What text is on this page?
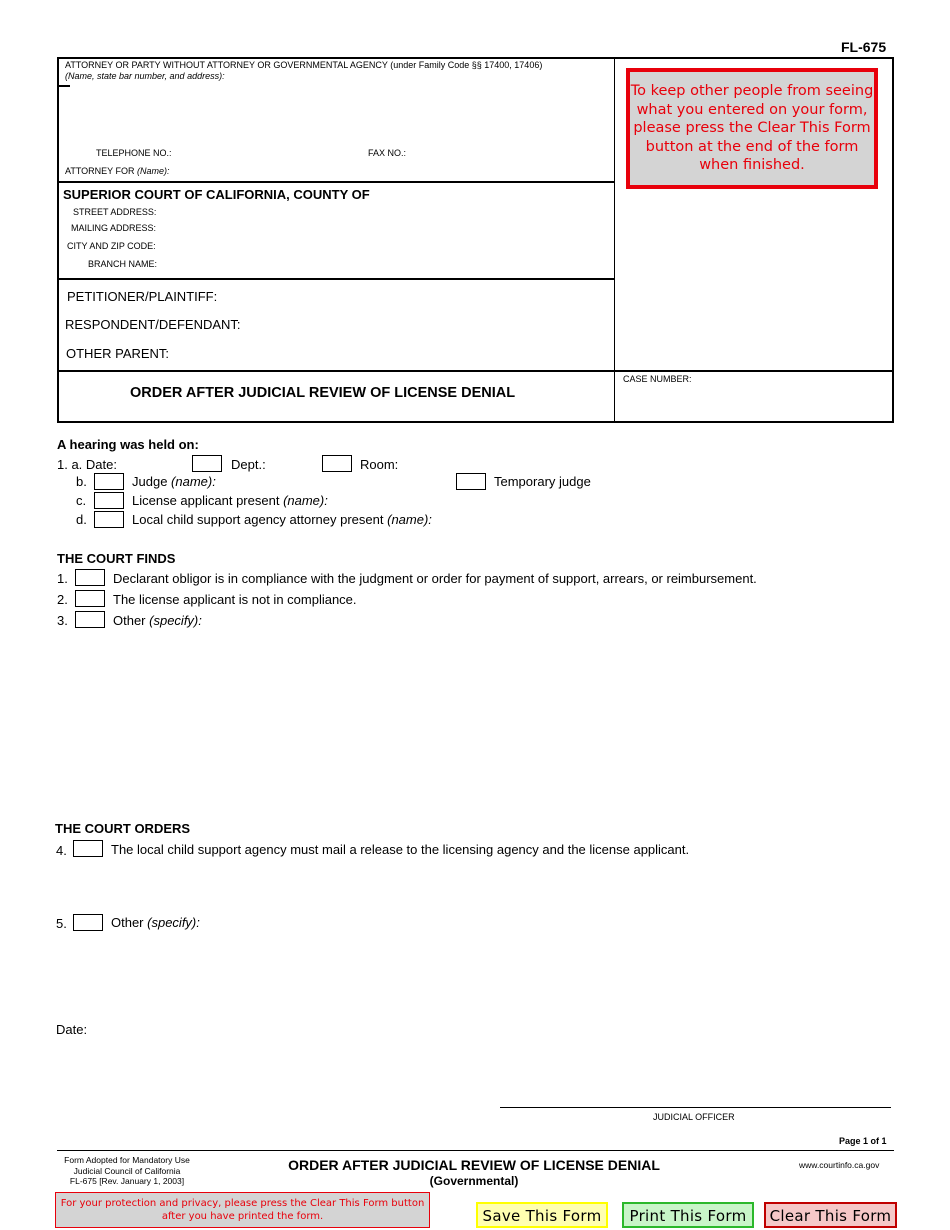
FL-675
ATTORNEY OR PARTY WITHOUT ATTORNEY OR GOVERNMENTAL AGENCY (under Family Code §§ 17400, 17406)
(Name, state bar number, and address):
TELEPHONE NO.:	FAX NO.:
ATTORNEY FOR (Name):
To keep other people from seeing what you entered on your form, please press the Clear This Form button at the end of the form when finished.
SUPERIOR COURT OF CALIFORNIA, COUNTY OF
STREET ADDRESS:
MAILING ADDRESS:
CITY AND ZIP CODE:
BRANCH NAME:
PETITIONER/PLAINTIFF:
RESPONDENT/DEFENDANT:
OTHER PARENT:
ORDER AFTER JUDICIAL REVIEW OF LICENSE DENIAL
CASE NUMBER:
A hearing was held on:
1. a. Date:	Dept.:	Room:
b.	Judge (name):	Temporary judge
c.	License applicant present (name):
d.	Local child support agency attorney present (name):
THE COURT FINDS
1.	Declarant obligor is in compliance with the judgment or order for payment of support, arrears, or reimbursement.
2.	The license applicant is not in compliance.
3.	Other (specify):
THE COURT ORDERS
4.	The local child support agency must mail a release to the licensing agency and the license applicant.
5.	Other (specify):
Date:
JUDICIAL OFFICER
Page 1 of 1
Form Adopted for Mandatory Use
Judicial Council of California
FL-675 [Rev. January 1, 2003]
ORDER AFTER JUDICIAL REVIEW OF LICENSE DENIAL
(Governmental)
www.courtinfo.ca.gov
For your protection and privacy, please press the Clear This Form button after you have printed the form.	Save This Form	Print This Form	Clear This Form
